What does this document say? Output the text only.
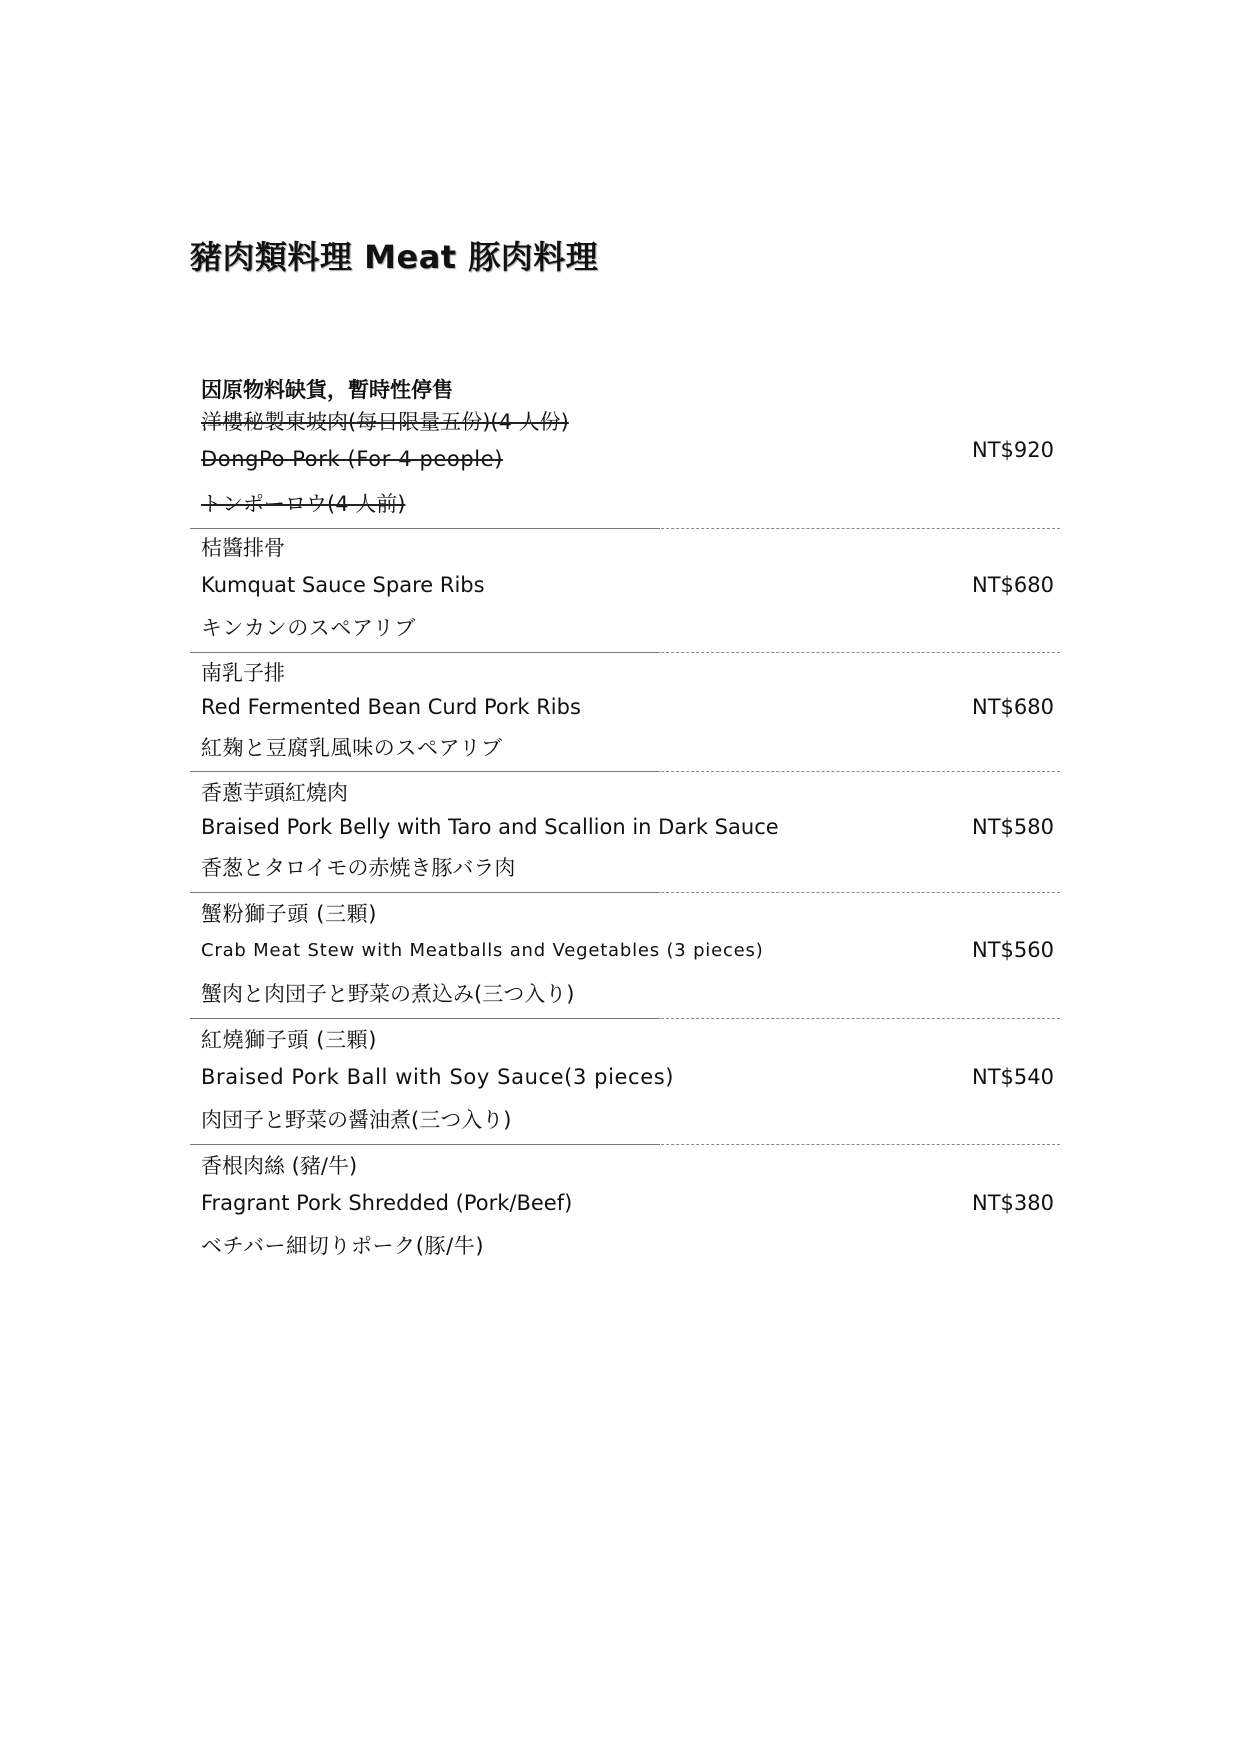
豬肉類料理 Meat 豚肉料理
因原物料缺貨，暫時性停售
洋樓秘製東坡肉(每日限量五份)(4 人份)
DongPo Pork (For 4 people)
トンポーロウ(4 人前)
NT$920
桔醬排骨
Kumquat Sauce Spare Ribs
キンカンのスペアリブ
NT$680
南乳子排
Red Fermented Bean Curd Pork Ribs
紅麹と豆腐乳風味のスペアリブ
NT$680
香蔥芋頭紅燒肉
Braised Pork Belly with Taro and Scallion in Dark Sauce
香葱とタロイモの赤焼き豚バラ肉
NT$580
蟹粉獅子頭 (三顆)
Crab Meat Stew with Meatballs and Vegetables (3 pieces)
蟹肉と肉団子と野菜の煮込み(三つ入り)
NT$560
紅燒獅子頭 (三顆)
Braised Pork Ball with Soy Sauce(3 pieces)
肉団子と野菜の醤油煮(三つ入り)
NT$540
香根肉絲 (豬/牛)
Fragrant Pork Shredded (Pork/Beef)
ベチバー細切りポーク(豚/牛)
NT$380
